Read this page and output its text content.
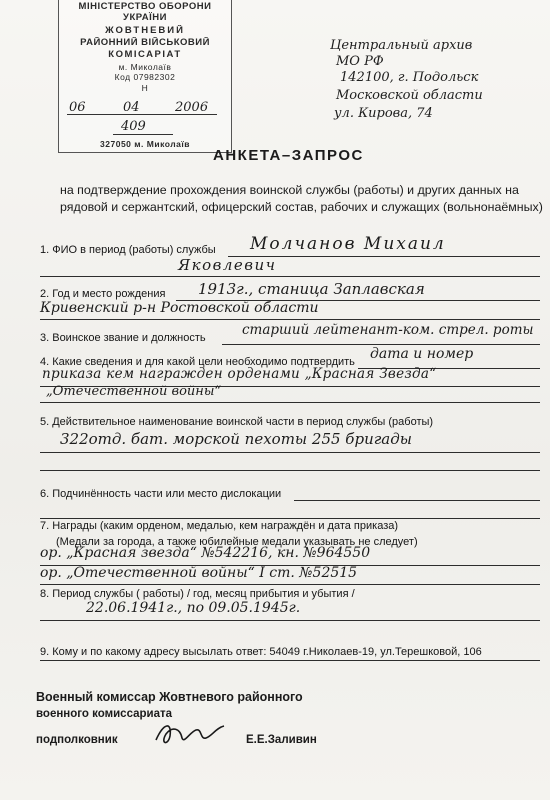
МІНІСТЕРСТВО ОБОРОНИ
УКРАЇНИ
ЖОВТНЕВИЙ
РАЙОННИЙ ВІЙСЬКОВИЙ
КОМІСАРІАТ
м. Миколаїв
Код 07982302
Н
06	04	2006
409
327050 м. Миколаїв
Центральный архив
МО РФ
142100, г. Подольск
Московской области
ул. Кирова, 74
АНКЕТА–ЗАПРОС
на подтверждение прохождения воинской службы (работы) и других данных на
рядовой и сержантский, офицерский состав, рабочих и служащих (вольнонаёмных)
1. ФИО в период (работы) службы Молчанов Михаил
Яковлевич
2. Год и место рождения 1913г., станица Заплавская
Кривенский р-н Ростовской области
3. Воинское звание и должность	старший лейтенант-ком. стрел. роты
4. Какие сведения и для какой цели необходимо подтвердить дата и номер
приказа кем награжден орденами „Красная Звезда“
„Отечественной войны“
5. Действительное наименование воинской части в период службы (работы)
322отд. бат. морской пехоты 255 бригады
6. Подчинённость части или место дислокации
7. Награды (каким орденом, медалью, кем награждён и дата приказа)
(Медали за города, а также юбилейные медали указывать не следует)
ор. „Красная звезда“ №542216, кн. №964550
ор. „Отечественной войны“ I ст. №52515
8. Период службы ( работы) / год, месяц прибытия и убытия /
22.06.1941г., по 09.05.1945г.
9. Кому и по какому адресу высылать ответ: 54049 г.Николаев-19, ул.Терешковой, 106
Военный комиссар Жовтневого районного
военного комиссариата
подполковник	Е.Е.Заливин
